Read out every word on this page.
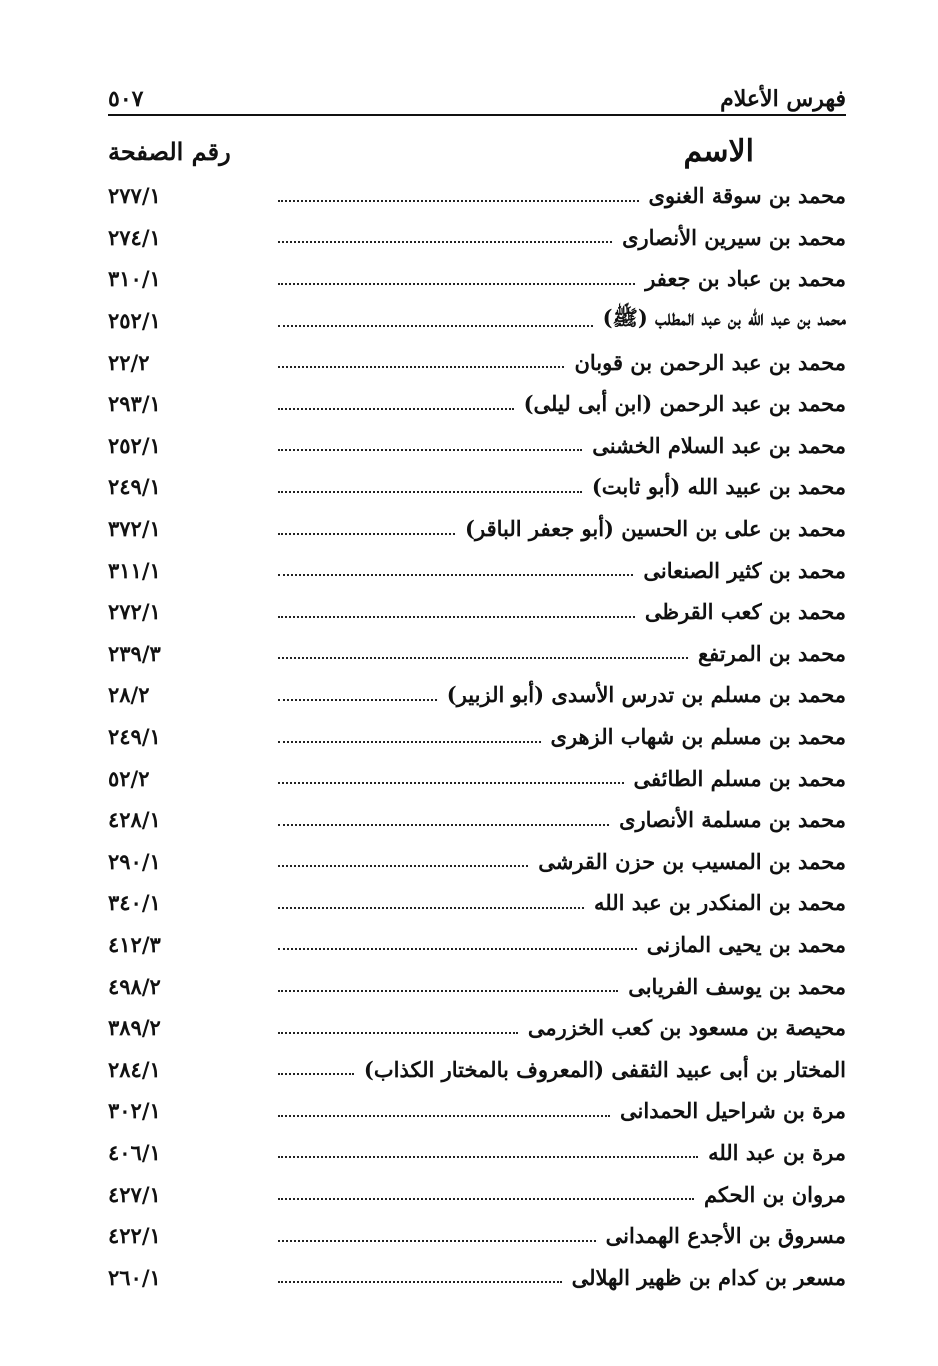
فهرس الأعلام
٥٠٧
الاسم
رقم الصفحة
محمد بن سوقة الغنوى
٢٧٧/١
محمد بن سيرين الأنصارى
٢٧٤/١
محمد بن عباد بن جعفر
٣١٠/١
محمد بن عبد الله بن عبد المطلب (ﷺ)
٢٥٢/١
محمد بن عبد الرحمن بن قوبان
٢٢/٢
محمد بن عبد الرحمن (ابن أبى ليلى)
٢٩٣/١
محمد بن عبد السلام الخشنى
٢٥٢/١
محمد بن عبيد الله (أبو ثابت)
٢٤٩/١
محمد بن على بن الحسين (أبو جعفر الباقر)
٣٧٢/١
محمد بن كثير الصنعانى
٣١١/١
محمد بن كعب القرظى
٢٧٢/١
محمد بن المرتفع
٢٣٩/٣
محمد بن مسلم بن تدرس الأسدى (أبو الزبير)
٢٨/٢
محمد بن مسلم بن شهاب الزهرى
٢٤٩/١
محمد بن مسلم الطائفى
٥٢/٢
محمد بن مسلمة الأنصارى
٤٢٨/١
محمد بن المسيب بن حزن القرشى
٢٩٠/١
محمد بن المنكدر بن عبد الله
٣٤٠/١
محمد بن يحيى المازنى
٤١٢/٣
محمد بن يوسف الفريابى
٤٩٨/٢
محيصة بن مسعود بن كعب الخزرمى
٣٨٩/٢
المختار بن أبى عبيد الثقفى (المعروف بالمختار الكذاب)
٢٨٤/١
مرة بن شراحيل الحمدانى
٣٠٢/١
مرة بن عبد الله
٤٠٦/١
مروان بن الحكم
٤٢٧/١
مسروق بن الأجدع الهمدانى
٤٢٢/١
مسعر بن كدام بن ظهير الهلالى
٢٦٠/١
